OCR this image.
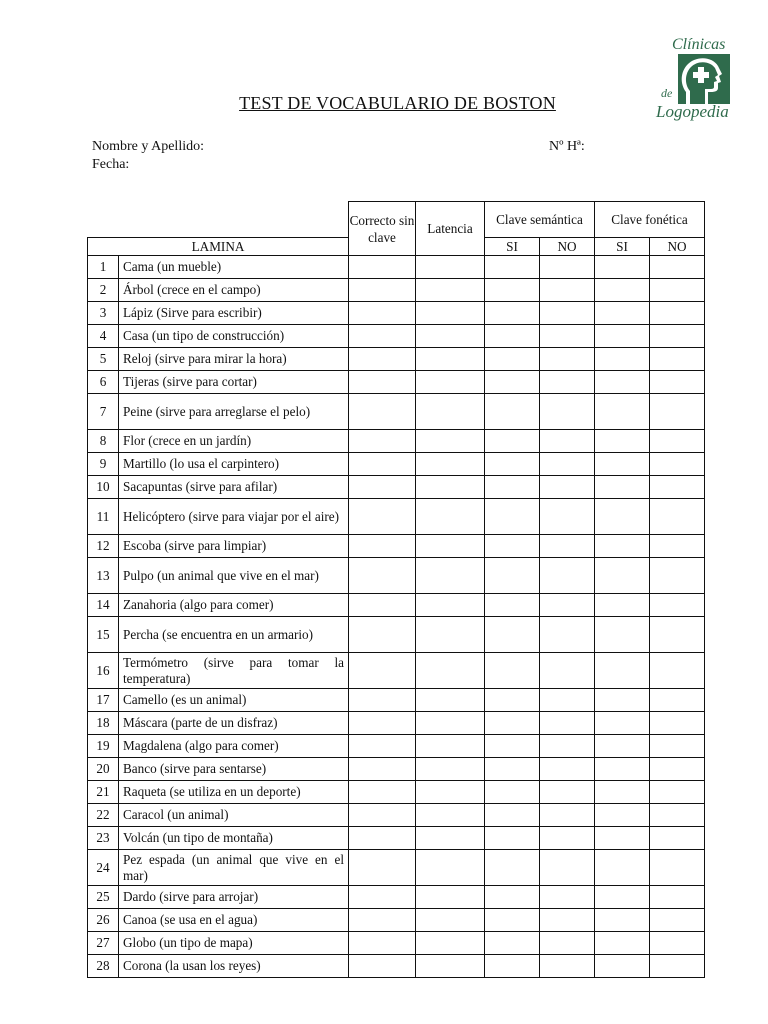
Clínicas
de
Logopedia
TEST DE VOCABULARIO DE BOSTON
Nombre y Apellido:	Nº Hª:
Fecha:
		Correcto sin clave	Latencia	Clave semántica		Clave fonética	
LAMINA				SI	NO	SI	NO
1	Cama (un mueble)						
2	Árbol (crece en el campo)						
3	Lápiz (Sirve para escribir)						
4	Casa (un tipo de construcción)						
5	Reloj (sirve para mirar la hora)						
6	Tijeras (sirve para cortar)						
7	Peine (sirve para arreglarse el pelo)						
8	Flor (crece en un jardín)						
9	Martillo (lo usa el carpintero)						
10	Sacapuntas (sirve para afilar)						
11	Helicóptero (sirve para viajar por el aire)						
12	Escoba (sirve para limpiar)						
13	Pulpo (un animal que vive en el mar)						
14	Zanahoria (algo para comer)						
15	Percha (se encuentra en un armario)						
16	Termómetro (sirve para tomar la temperatura)						
17	Camello (es un animal)						
18	Máscara (parte de un disfraz)						
19	Magdalena (algo para comer)						
20	Banco (sirve para sentarse)						
21	Raqueta (se utiliza en un deporte)						
22	Caracol (un animal)						
23	Volcán (un tipo de montaña)						
24	Pez espada (un animal que vive en el mar)						
25	Dardo (sirve para arrojar)						
26	Canoa (se usa en el agua)						
27	Globo (un tipo de mapa)						
28	Corona (la usan los reyes)						
